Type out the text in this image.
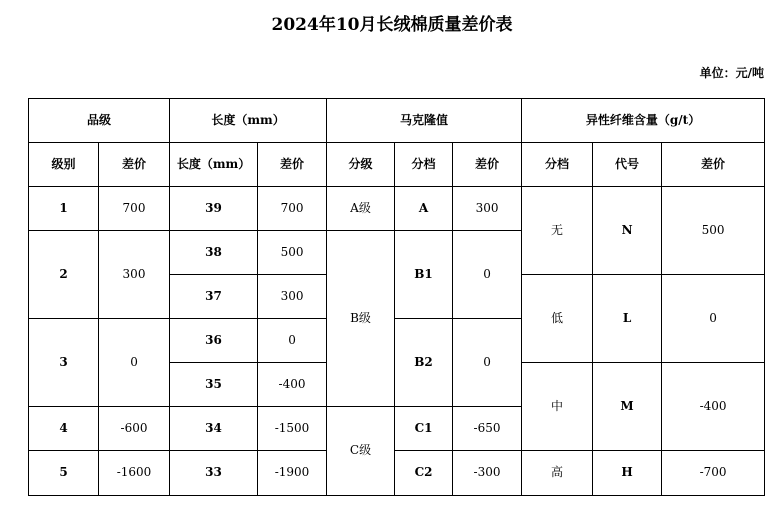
2024年10月长绒棉质量差价表
单位：元/吨
品级		长度（mm）		马克隆值			异性纤维含量（g/t）		
级别	差价	长度（mm）	差价	分级	分档	差价	分档	代号	差价
1	700	39	700	A级	A	300	无	N	500
2	300	38	500	B级	B1	0			
		37	300				低	L	0
3	0	36	0		B2	0			
		35	-400				中	M	-400
4	-600	34	-1500	C级	C1	-650			
5	-1600	33	-1900		C2	-300	高	H	-700
